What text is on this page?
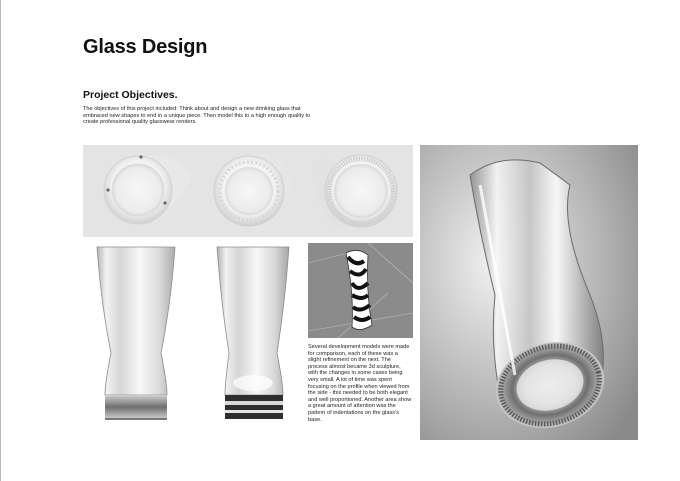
Glass Design
Project Objectives.

The objectives of this project included: Think about and design a new drinking glass that embraced new shapes to end in a unique piece. Then model this to a high enough quality to create professional quality glasswear renders.

Several development models were made for comparison, each of these was a slight refinement on the next. The process almost became 3d sculpture, with the changes in some cases being very small. A lot of time was spent focusing on the profile when viewed from the side - this needed to be both elegant and well proportioned. Another area show a great amount of attention was the pattern of indentations on the glass's base.
